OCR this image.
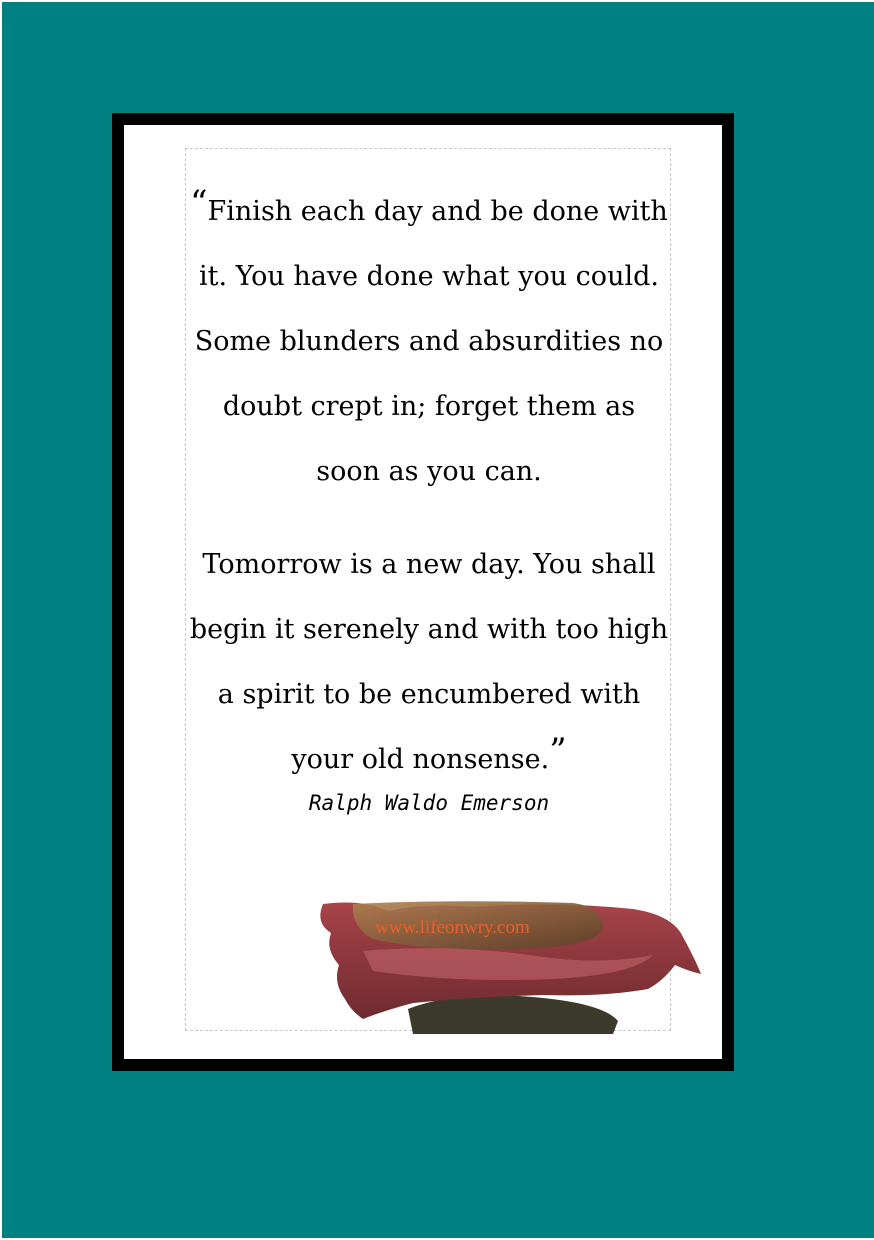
“Finish each day and be done with
it. You have done what you could.
Some blunders and absurdities no
doubt crept in; forget them as
soon as you can.
Tomorrow is a new day. You shall
begin it serenely and with too high
a spirit to be encumbered with
your old nonsense.”
Ralph Waldo Emerson
www.lifeonwry.com
